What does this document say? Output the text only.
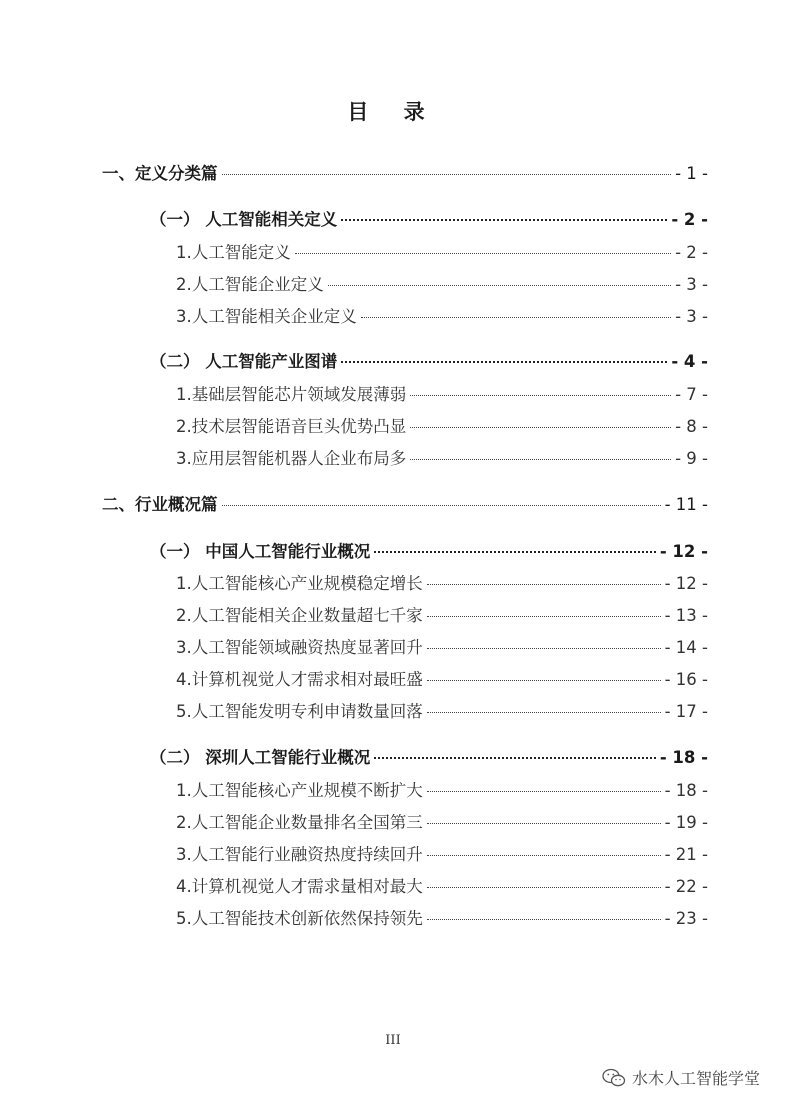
目 录
一、定义分类篇	- 1 -
（一） 人工智能相关定义	- 2 -
1.人工智能定义	- 2 -
2.人工智能企业定义	- 3 -
3.人工智能相关企业定义	- 3 -
（二） 人工智能产业图谱	- 4 -
1.基础层智能芯片领域发展薄弱	- 7 -
2.技术层智能语音巨头优势凸显	- 8 -
3.应用层智能机器人企业布局多	- 9 -
二、行业概况篇	- 11 -
（一） 中国人工智能行业概况	- 12 -
1.人工智能核心产业规模稳定增长	- 12 -
2.人工智能相关企业数量超七千家	- 13 -
3.人工智能领域融资热度显著回升	- 14 -
4.计算机视觉人才需求相对最旺盛	- 16 -
5.人工智能发明专利申请数量回落	- 17 -
（二） 深圳人工智能行业概况	- 18 -
1.人工智能核心产业规模不断扩大	- 18 -
2.人工智能企业数量排名全国第三	- 19 -
3.人工智能行业融资热度持续回升	- 21 -
4.计算机视觉人才需求量相对最大	- 22 -
5.人工智能技术创新依然保持领先	- 23 -
III
水木人工智能学堂
